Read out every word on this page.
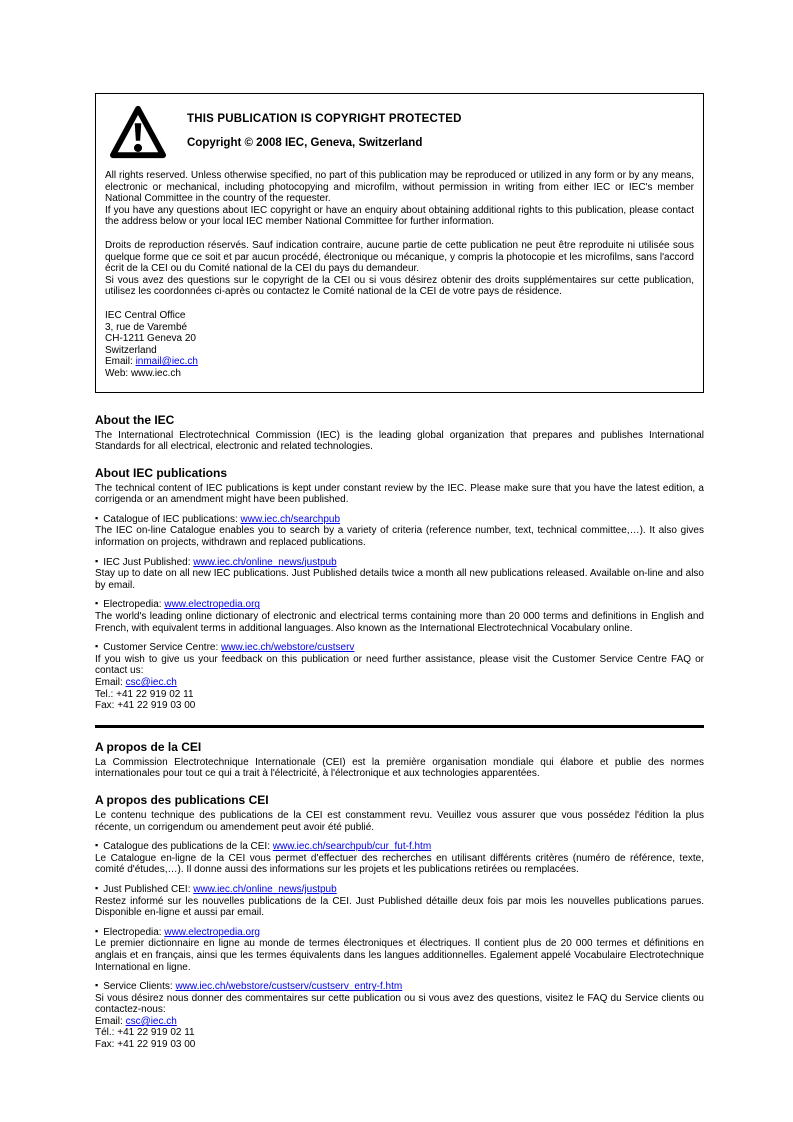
THIS PUBLICATION IS COPYRIGHT PROTECTED
Copyright © 2008 IEC, Geneva, Switzerland

All rights reserved. Unless otherwise specified, no part of this publication may be reproduced or utilized in any form or by any means, electronic or mechanical, including photocopying and microfilm, without permission in writing from either IEC or IEC's member National Committee in the country of the requester.

If you have any questions about IEC copyright or have an enquiry about obtaining additional rights to this publication, please contact the address below or your local IEC member National Committee for further information.

Droits de reproduction réservés. Sauf indication contraire, aucune partie de cette publication ne peut être reproduite ni utilisée sous quelque forme que ce soit et par aucun procédé, électronique ou mécanique, y compris la photocopie et les microfilms, sans l'accord écrit de la CEI ou du Comité national de la CEI du pays du demandeur.

Si vous avez des questions sur le copyright de la CEI ou si vous désirez obtenir des droits supplémentaires sur cette publication, utilisez les coordonnées ci-après ou contactez le Comité national de la CEI de votre pays de résidence.

IEC Central Office
3, rue de Varembé
CH-1211 Geneva 20
Switzerland
Email: inmail@iec.ch
Web: www.iec.ch
About the IEC

The International Electrotechnical Commission (IEC) is the leading global organization that prepares and publishes International Standards for all electrical, electronic and related technologies.

About IEC publications

The technical content of IEC publications is kept under constant review by the IEC. Please make sure that you have the latest edition, a corrigenda or an amendment might have been published.

▪ Catalogue of IEC publications: www.iec.ch/searchpub

The IEC on-line Catalogue enables you to search by a variety of criteria (reference number, text, technical committee,…). It also gives information on projects, withdrawn and replaced publications.

▪ IEC Just Published: www.iec.ch/online_news/justpub

Stay up to date on all new IEC publications. Just Published details twice a month all new publications released. Available on-line and also by email.

▪ Electropedia: www.electropedia.org

The world's leading online dictionary of electronic and electrical terms containing more than 20 000 terms and definitions in English and French, with equivalent terms in additional languages. Also known as the International Electrotechnical Vocabulary online.

▪ Customer Service Centre: www.iec.ch/webstore/custserv

If you wish to give us your feedback on this publication or need further assistance, please visit the Customer Service Centre FAQ or contact us:

Email: csc@iec.ch
Tel.: +41 22 919 02 11
Fax: +41 22 919 03 00
A propos de la CEI

La Commission Electrotechnique Internationale (CEI) est la première organisation mondiale qui élabore et publie des normes internationales pour tout ce qui a trait à l'électricité, à l'électronique et aux technologies apparentées.

A propos des publications CEI

Le contenu technique des publications de la CEI est constamment revu. Veuillez vous assurer que vous possédez l'édition la plus récente, un corrigendum ou amendement peut avoir été publié.

▪ Catalogue des publications de la CEI: www.iec.ch/searchpub/cur_fut-f.htm

Le Catalogue en-ligne de la CEI vous permet d'effectuer des recherches en utilisant différents critères (numéro de référence, texte, comité d'études,…). Il donne aussi des informations sur les projets et les publications retirées ou remplacées.

▪ Just Published CEI: www.iec.ch/online_news/justpub

Restez informé sur les nouvelles publications de la CEI. Just Published détaille deux fois par mois les nouvelles publications parues. Disponible en-ligne et aussi par email.

▪ Electropedia: www.electropedia.org

Le premier dictionnaire en ligne au monde de termes électroniques et électriques. Il contient plus de 20 000 termes et définitions en anglais et en français, ainsi que les termes équivalents dans les langues additionnelles. Egalement appelé Vocabulaire Electrotechnique International en ligne.

▪ Service Clients: www.iec.ch/webstore/custserv/custserv_entry-f.htm

Si vous désirez nous donner des commentaires sur cette publication ou si vous avez des questions, visitez le FAQ du Service clients ou contactez-nous:

Email: csc@iec.ch
Tél.: +41 22 919 02 11
Fax: +41 22 919 03 00
